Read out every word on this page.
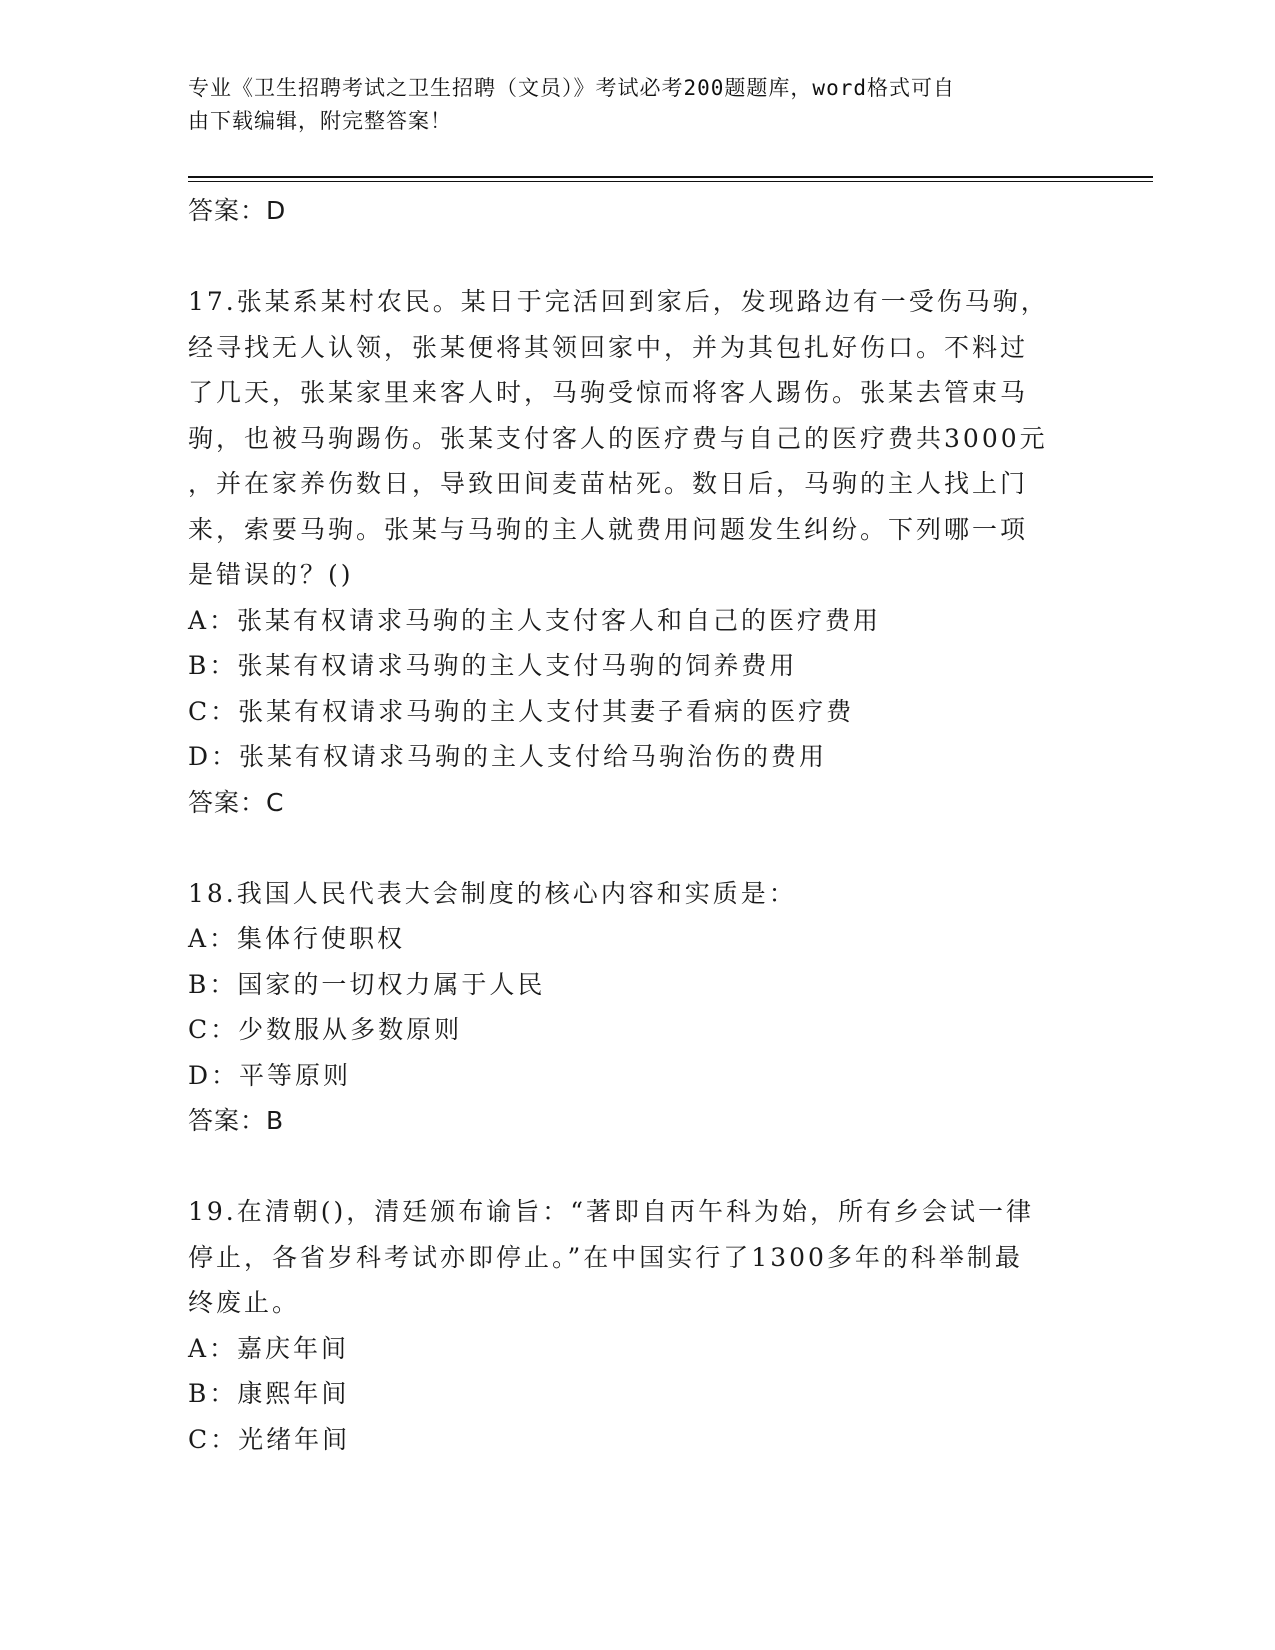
专业《卫生招聘考试之卫生招聘（文员）》考试必考200题题库，word格式可自
由下载编辑，附完整答案！
答案：D
17.张某系某村农民。某日于完活回到家后，发现路边有一受伤马驹，
经寻找无人认领，张某便将其领回家中，并为其包扎好伤口。不料过
了几天，张某家里来客人时，马驹受惊而将客人踢伤。张某去管束马
驹，也被马驹踢伤。张某支付客人的医疗费与自己的医疗费共3000元
，并在家养伤数日，导致田间麦苗枯死。数日后，马驹的主人找上门
来，索要马驹。张某与马驹的主人就费用问题发生纠纷。下列哪一项
是错误的？()
A：张某有权请求马驹的主人支付客人和自己的医疗费用
B：张某有权请求马驹的主人支付马驹的饲养费用
C：张某有权请求马驹的主人支付其妻子看病的医疗费
D：张某有权请求马驹的主人支付给马驹治伤的费用
答案：C
18.我国人民代表大会制度的核心内容和实质是：
A：集体行使职权
B：国家的一切权力属于人民
C：少数服从多数原则
D：平等原则
答案：B
19.在清朝()，清廷颁布谕旨：“著即自丙午科为始，所有乡会试一律
停止，各省岁科考试亦即停止。”在中国实行了1300多年的科举制最
终废止。
A：嘉庆年间
B：康熙年间
C：光绪年间
